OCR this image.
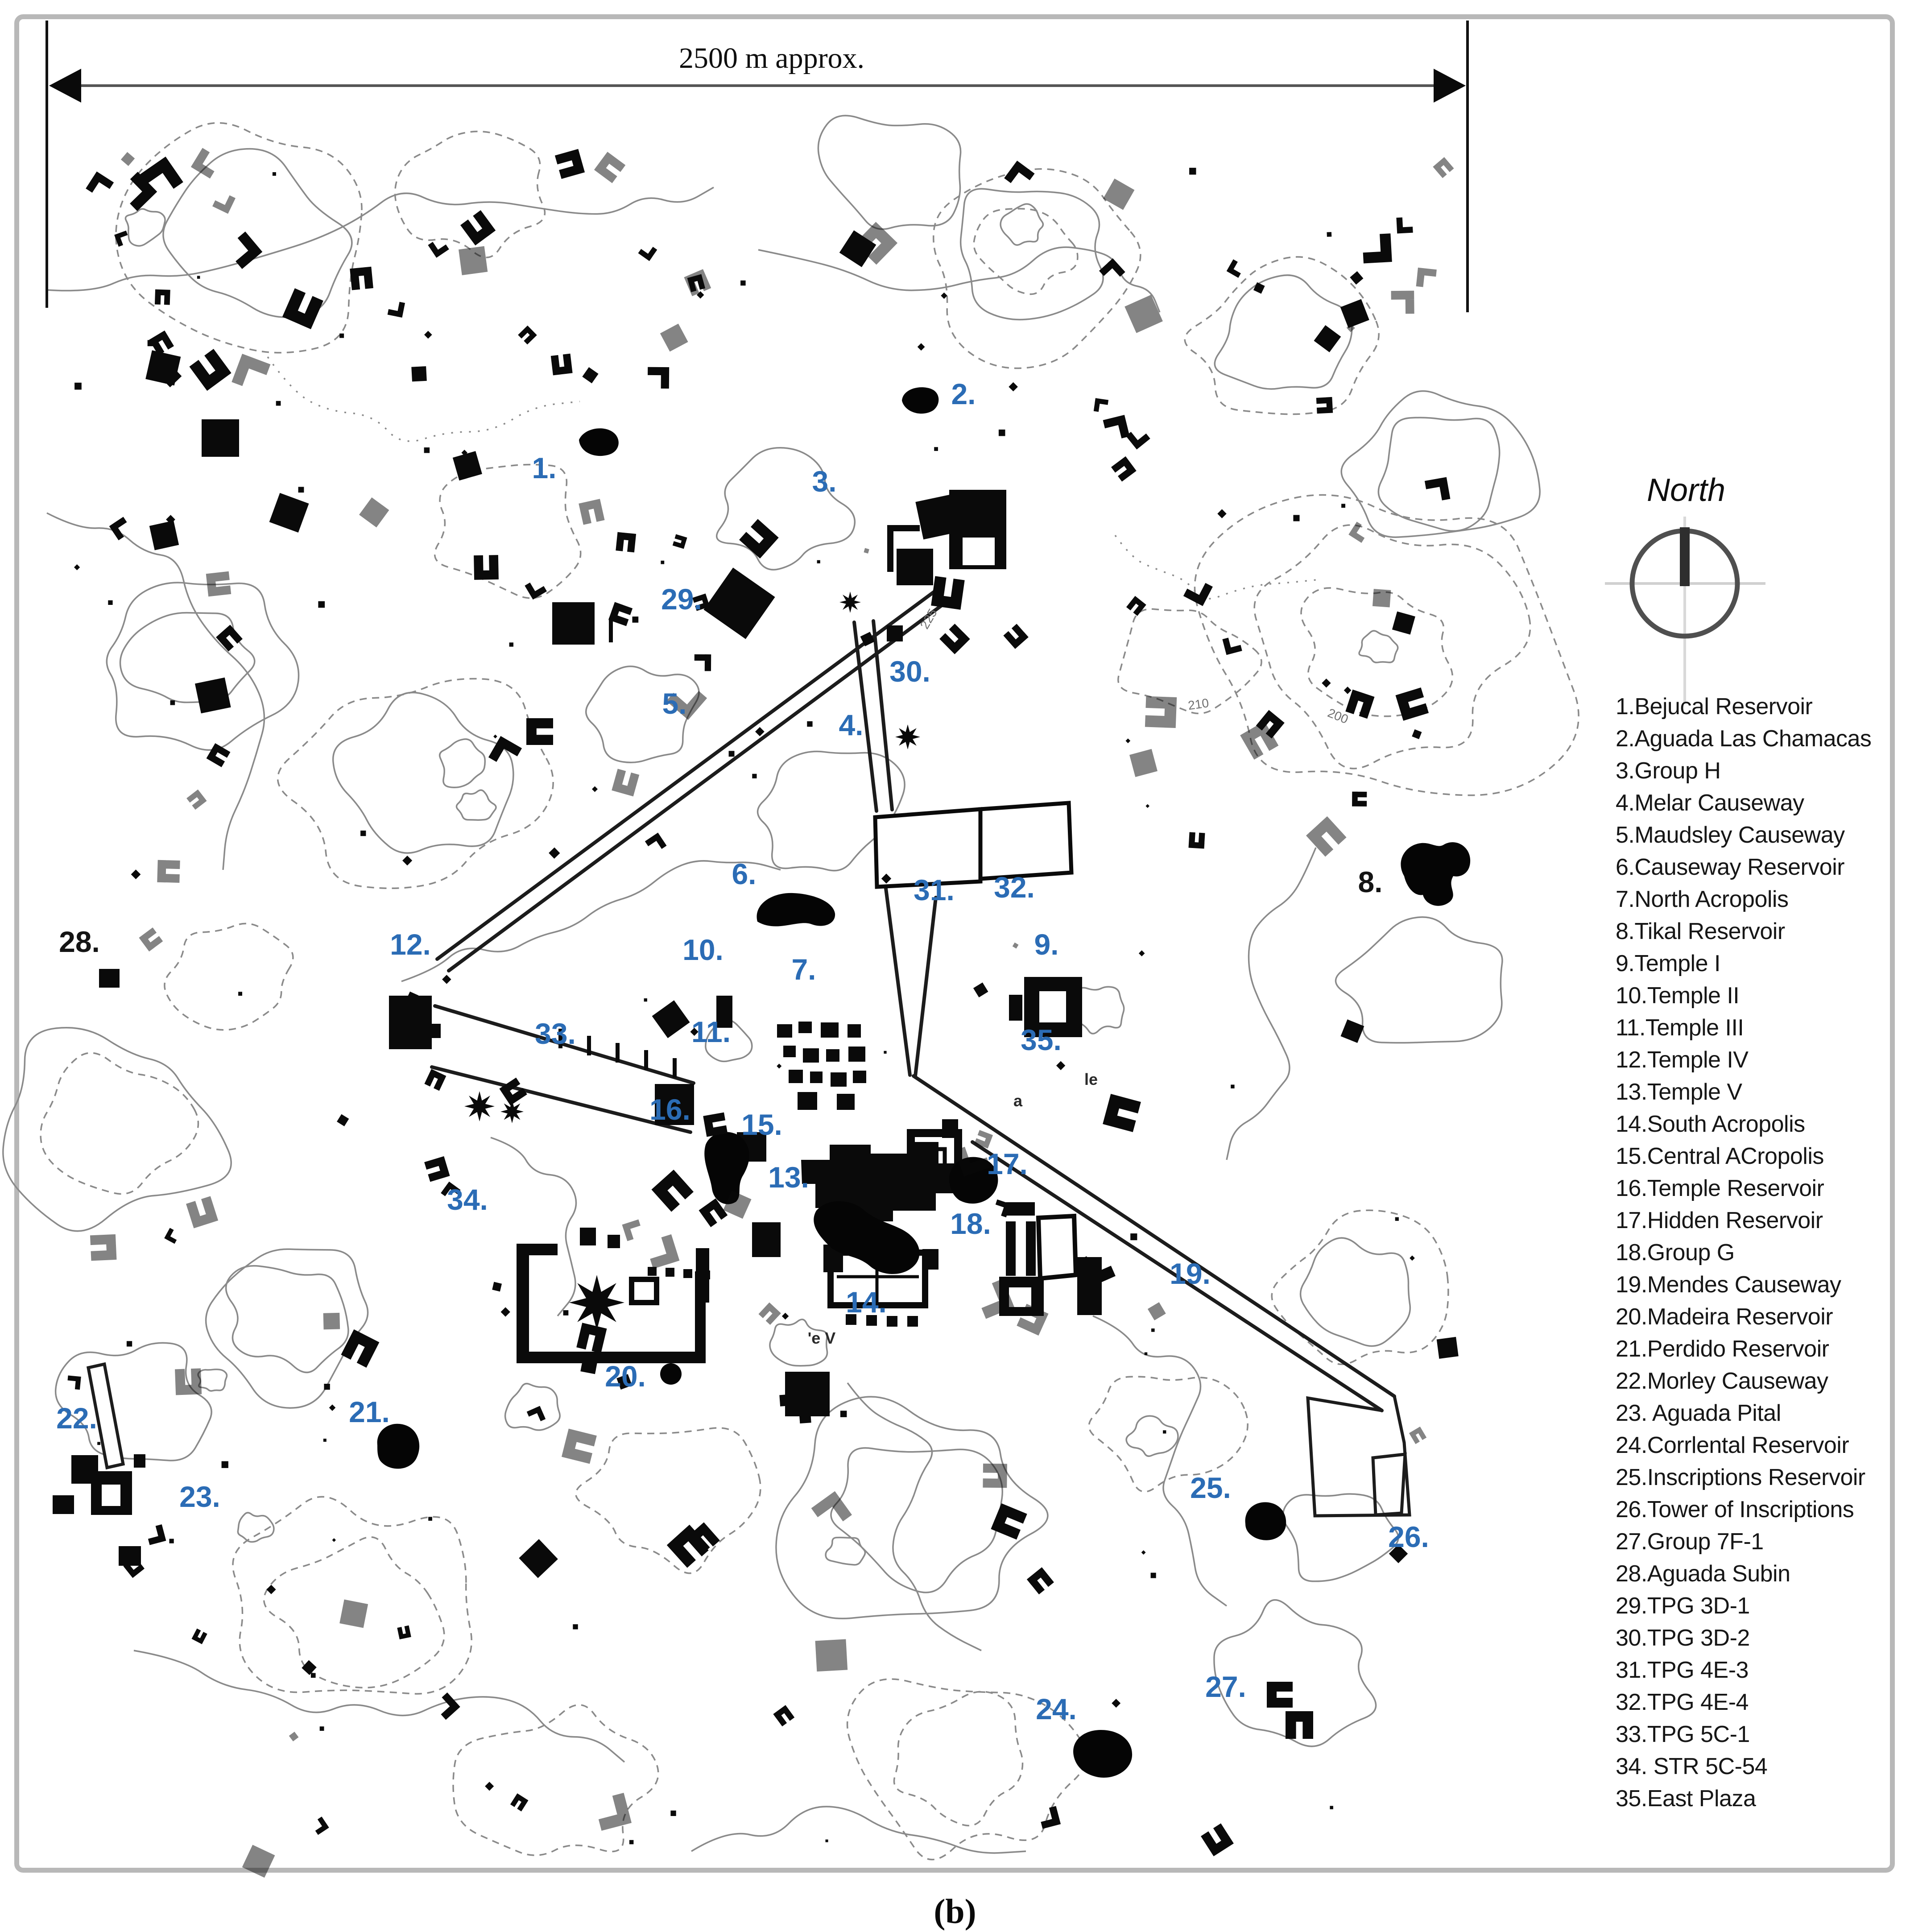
1.
2.
3.
4.
5.
6.
7.
8.
9.
10.
11.
12.
13.
14.
15.
16.
17.
18.
19.
20.
21.
22.
23.
24.
25.
26.
27.
28.
29.
30.
31. 32.
33.
34.
35.
225
210
200
a
le
'e V
2500 m approx.
North
1.Bejucal Reservoir
2.Aguada Las Chamacas
3.Group H
4.Melar Causeway
5.Maudsley Causeway
6.Causeway Reservoir
7.North Acropolis
8.Tikal Reservoir
9.Temple I
10.Temple II
11.Temple III
12.Temple IV
13.Temple V
14.South Acropolis
15.Central ACropolis
16.Temple Reservoir
17.Hidden Reservoir
18.Group G
19.Mendes Causeway
20.Madeira Reservoir
21.Perdido Reservoir
22.Morley Causeway
23. Aguada Pital
24.Corrlental Reservoir
25.Inscriptions Reservoir
26.Tower of Inscriptions
27.Group 7F-1
28.Aguada Subin
29.TPG 3D-1
30.TPG 3D-2
31.TPG 4E-3
32.TPG 4E-4
33.TPG 5C-1
34. STR 5C-54
35.East Plaza
(b)
